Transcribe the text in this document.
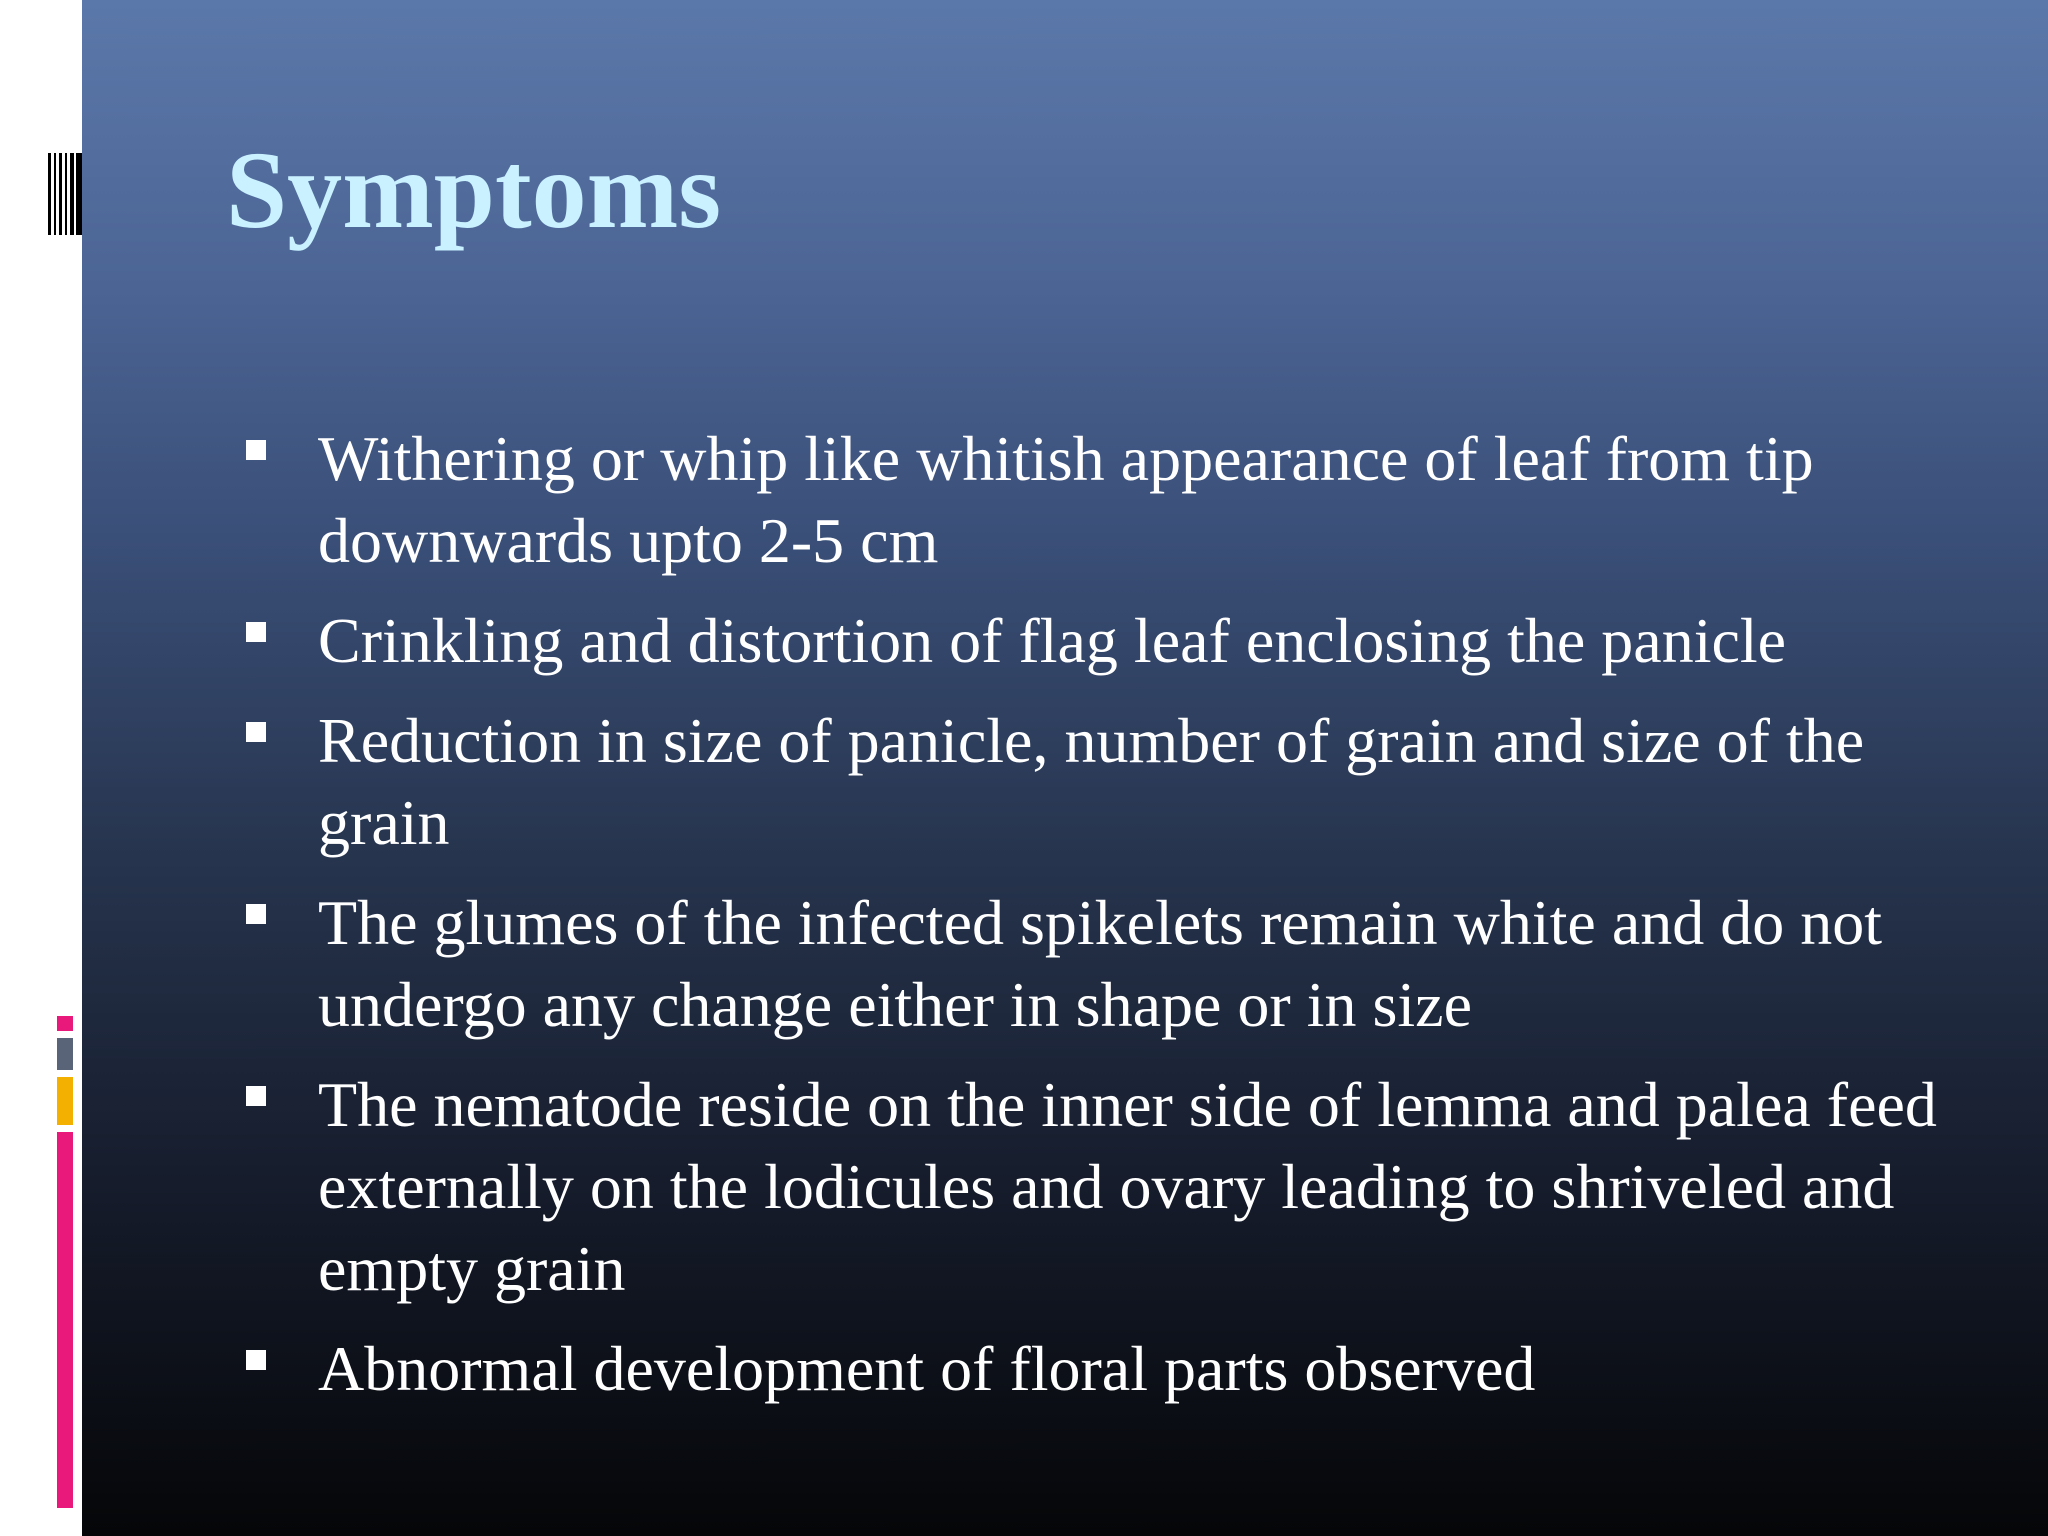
Symptoms
Withering or whip like whitish appearance of leaf from tip downwards upto 2-5 cm
Crinkling and distortion of flag leaf enclosing the panicle
Reduction in size of panicle, number of grain and size of the grain
The glumes of the infected spikelets remain white and do not undergo any change either in shape or in size
The nematode reside on the inner side of lemma and palea feed externally on the lodicules and ovary leading to shriveled and empty grain
Abnormal development of floral parts observed
